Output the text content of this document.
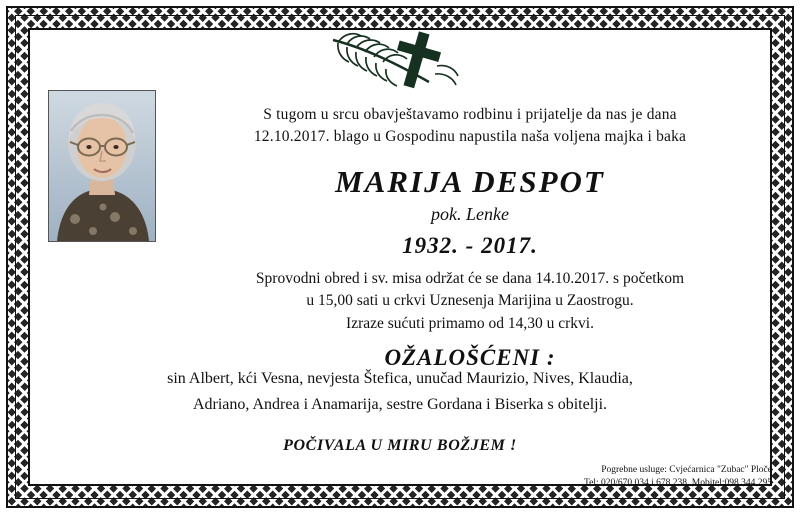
S tugom u srcu obavještavamo rodbinu i prijatelje da nas je dana
12.10.2017. blago u Gospodinu napustila naša voljena majka i baka
MARIJA DESPOT
pok. Lenke
1932. - 2017.
Sprovodni obred i sv. misa održat će se dana 14.10.2017. s početkom
u 15,00 sati u crkvi Uznesenja Marijina u Zaostrogu.
Izraze sućuti primamo od 14,30 u crkvi.
OŽALOŠĆENI :
sin Albert, kći Vesna, nevjesta Štefica, unučad Maurizio, Nives, Klaudia,
Adriano, Andrea i Anamarija, sestre Gordana i Biserka s obitelji.
POČIVALA U MIRU BOŽJEM !
Pogrebne usluge: Cvjećarnica "Zubac" Ploče
Tel: 020/670 034 i 678 238, Mobitel:098 344 295
